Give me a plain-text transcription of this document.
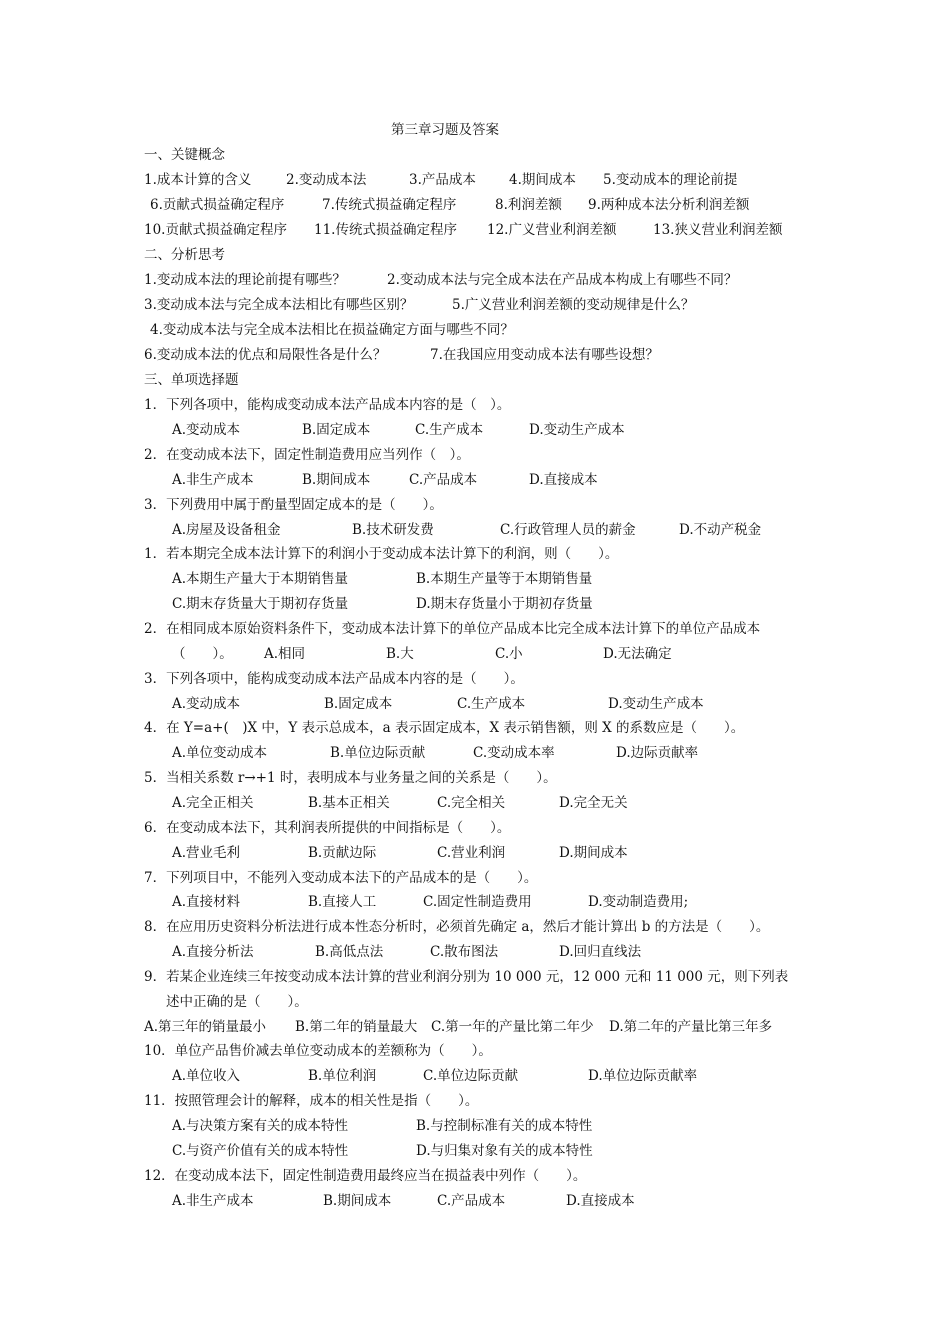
第三章习题及答案
一、关键概念
1.成本计算的含义	2.变动成本法	3.产品成本 4.期间成本 5.变动成本的理论前提
6.贡献式损益确定程序	7.传统式损益确定程序	8.利润差额 9.两种成本法分析利润差额
10.贡献式损益确定程序 11.传统式损益确定程序 12.广义营业利润差额	13.狭义营业利润差额
二、分析思考
1.变动成本法的理论前提有哪些？	2.变动成本法与完全成本法在产品成本构成上有哪些不同？
3.变动成本法与完全成本法相比有哪些区别？	5.广义营业利润差额的变动规律是什么？
4.变动成本法与完全成本法相比在损益确定方面与哪些不同？
6.变动成本法的优点和局限性各是什么？	7.在我国应用变动成本法有哪些设想？
三、单项选择题
1．下列各项中，能构成变动成本法产品成本内容的是（　）。
A.变动成本	B.固定成本	C.生产成本	D.变动生产成本
2．在变动成本法下，固定性制造费用应当列作（　）。
A.非生产成本	B.期间成本	C.产品成本	D.直接成本
3．下列费用中属于酌量型固定成本的是（　　）。
A.房屋及设备租金	B.技术研发费	C.行政管理人员的薪金	D.不动产税金
1．若本期完全成本法计算下的利润小于变动成本法计算下的利润，则（　　）。
A.本期生产量大于本期销售量	B.本期生产量等于本期销售量
C.期末存货量大于期初存货量	D.期末存货量小于期初存货量
2．在相同成本原始资料条件下，变动成本法计算下的单位产品成本比完全成本法计算下的单位产品成本
（　　）。 A.相同	B.大	C.小	D.无法确定
3．下列各项中，能构成变动成本法产品成本内容的是（　　）。
A.变动成本	B.固定成本	C.生产成本	D.变动生产成本
4．在 Y=a+(　)X 中，Y 表示总成本，a 表示固定成本，X 表示销售额，则 X 的系数应是（　　）。
A.单位变动成本	B.单位边际贡献	C.变动成本率	D.边际贡献率
5．当相关系数 r→+1 时，表明成本与业务量之间的关系是（　　）。
A.完全正相关	B.基本正相关	C.完全相关	D.完全无关
6．在变动成本法下，其利润表所提供的中间指标是（　　）。
A.营业毛利	B.贡献边际	C.营业利润	D.期间成本
7．下列项目中，不能列入变动成本法下的产品成本的是（　　）。
A.直接材料	B.直接人工	C.固定性制造费用	D.变动制造费用;
8．在应用历史资料分析法进行成本性态分析时，必须首先确定 a，然后才能计算出 b 的方法是（　　）。
A.直接分析法	B.高低点法	C.散布图法	D.回归直线法
9．若某企业连续三年按变动成本法计算的营业利润分别为 10 000 元，12 000 元和 11 000 元，则下列表
述中正确的是（　　）。
A.第三年的销量最小 B.第二年的销量最大 C.第一年的产量比第二年少 D.第二年的产量比第三年多
10．单位产品售价减去单位变动成本的差额称为（　　）。
A.单位收入	B.单位利润	C.单位边际贡献	D.单位边际贡献率
11．按照管理会计的解释，成本的相关性是指（　　）。
A.与决策方案有关的成本特性	B.与控制标准有关的成本特性
C.与资产价值有关的成本特性	D.与归集对象有关的成本特性
12．在变动成本法下，固定性制造费用最终应当在损益表中列作（　　）。
A.非生产成本	B.期间成本	C.产品成本	D.直接成本
